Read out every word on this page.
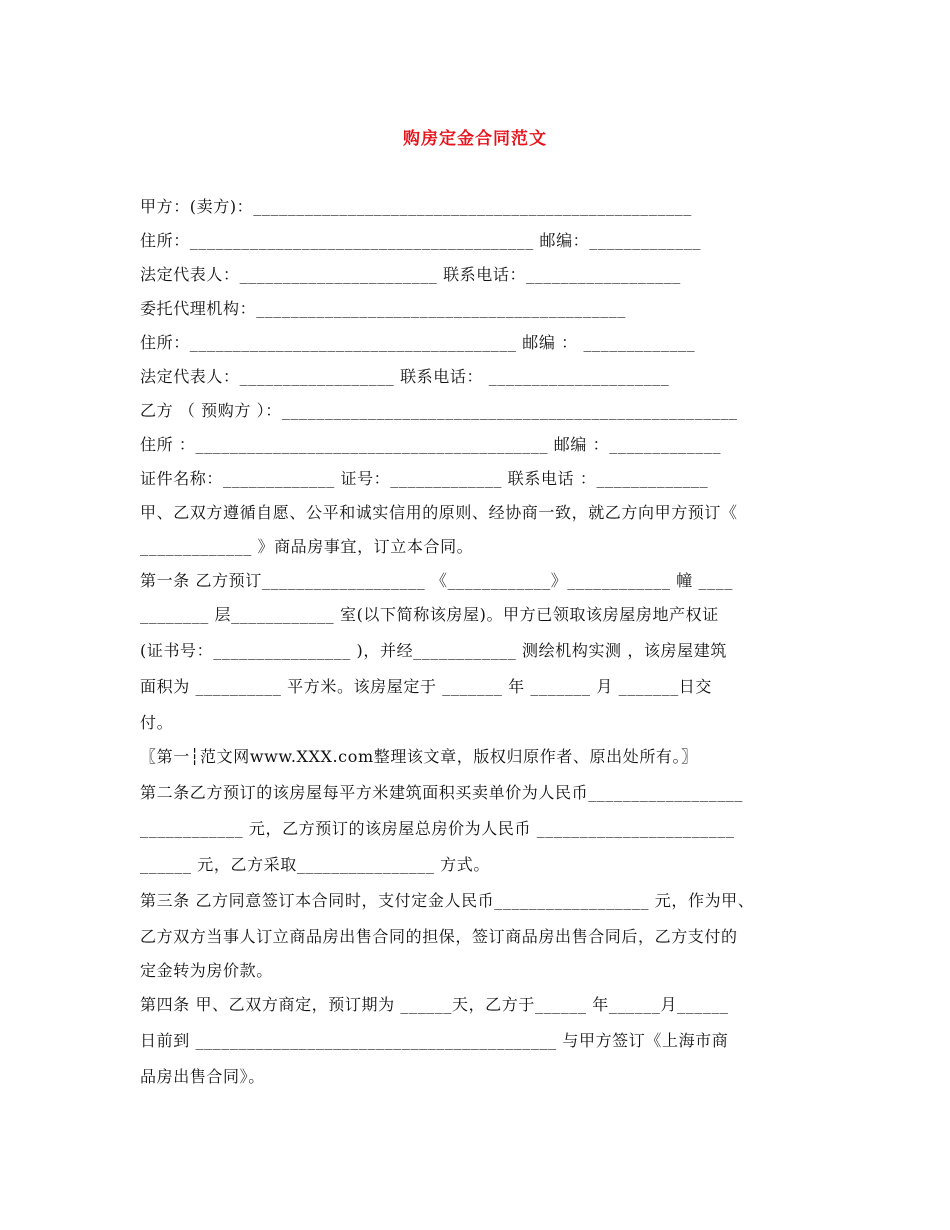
购房定金合同范文
甲方：(卖方)：___________________________________________________
住所：________________________________________ 邮编：_____________
法定代表人：_______________________ 联系电话：__________________
委托代理机构：___________________________________________
住所：______________________________________ 邮编 ： _____________
法定代表人：__________________ 联系电话： _____________________
乙方 （ 预购方 ）：_____________________________________________________
住所 ：_________________________________________ 邮编 ：_____________
证件名称：_____________ 证号：_____________ 联系电话 ：_____________
甲、乙双方遵循自愿、公平和诚实信用的原则、经协商一致，就乙方向甲方预订《
_____________ 》商品房事宜，订立本合同。
第一条 乙方预订___________________ 《____________》____________ 幢 ____
________ 层____________ 室(以下简称该房屋)。甲方已领取该房屋房地产权证
(证书号：________________ )，并经____________ 测绘机构实测 ，该房屋建筑
面积为 __________ 平方米。该房屋定于 _______ 年 _______ 月 _______日交
付。
〖第一┆范文网www.XXX.com整理该文章，版权归原作者、原出处所有。〗
第二条乙方预订的该房屋每平方米建筑面积买卖单价为人民币__________________
____________ 元，乙方预订的该房屋总房价为人民币 _______________________
______ 元，乙方采取________________ 方式。
第三条 乙方同意签订本合同时，支付定金人民币__________________ 元，作为甲、
乙方双方当事人订立商品房出售合同的担保，签订商品房出售合同后，乙方支付的
定金转为房价款。
第四条 甲、乙双方商定，预订期为 ______天，乙方于______ 年______月______
日前到 __________________________________________ 与甲方签订《上海市商
品房出售合同》。
